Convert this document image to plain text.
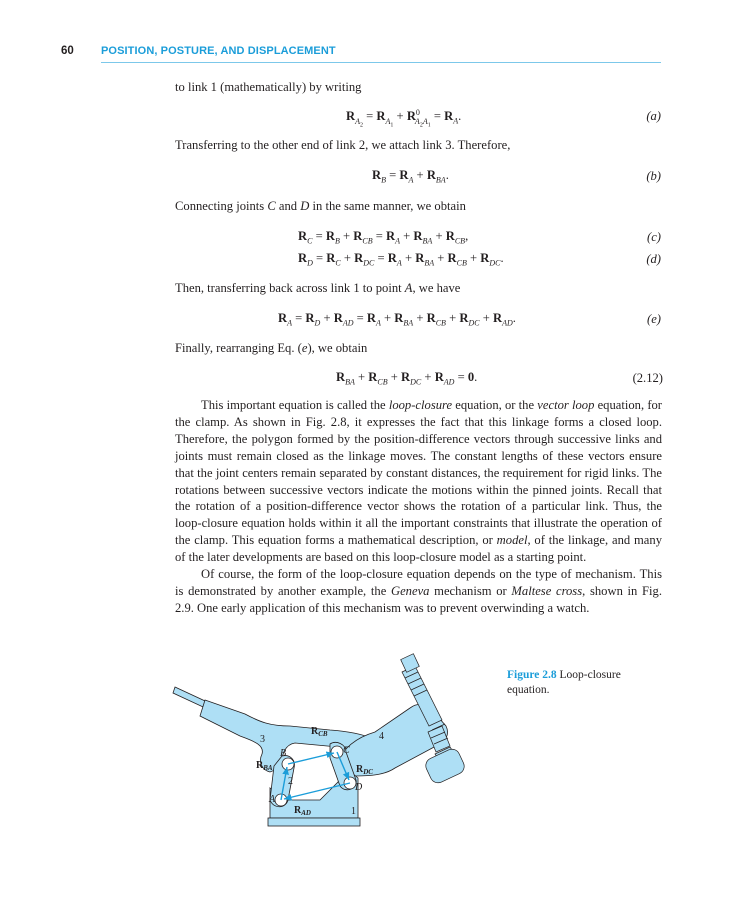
60 POSITION, POSTURE, AND DISPLACEMENT
to link 1 (mathematically) by writing
$R_{A_2} = R_{A_1} + R^0_{A_2A_1} = R_A$.	(a)
Transferring to the other end of link 2, we attach link 3. Therefore,
$R_B = R_A + R_{BA}$.	(b)
Connecting joints C and D in the same manner, we obtain
$R_C = R_B + R_{CB} = R_A + R_{BA} + R_{CB}$,	(c)
$R_D = R_C + R_{DC} = R_A + R_{BA} + R_{CB} + R_{DC}$.	(d)
Then, transferring back across link 1 to point A, we have
$R_A = R_D + R_{AD} = R_A + R_{BA} + R_{CB} + R_{DC} + R_{AD}$.	(e)
Finally, rearranging Eq. (e), we obtain
$R_{BA} + R_{CB} + R_{DC} + R_{AD} = 0$.	(2.12)

This important equation is called the loop-closure equation, or the vector loop equation, for the clamp. As shown in Fig. 2.8, it expresses the fact that this linkage forms a closed loop. Therefore, the polygon formed by the position-difference vectors through successive links and joints must remain closed as the linkage moves. The constant lengths of these vectors ensure that the joint centers remain separated by constant distances, the requirement for rigid links. The rotations between successive vectors indicate the motions within the pinned joints. Recall that the rotation of a position-difference vector shows the rotation of a particular link. Thus, the loop-closure equation holds within it all the important constraints that illustrate the operation of the clamp. This equation forms a mathematical description, or model, of the linkage, and many of the later developments are based on this loop-closure model as a starting point.

Of course, the form of the loop-closure equation depends on the type of mechanism. This is demonstrated by another example, the Geneva mechanism or Maltese cross, shown in Fig. 2.9. One early application of this mechanism was to prevent overwinding a watch.

Figure 2.8 Loop-closure equation.
$R_{CB}$
$R_{BA}$	$R_{DC}$
$R_{AD}$
3	4
2
1
A
B	C
D
